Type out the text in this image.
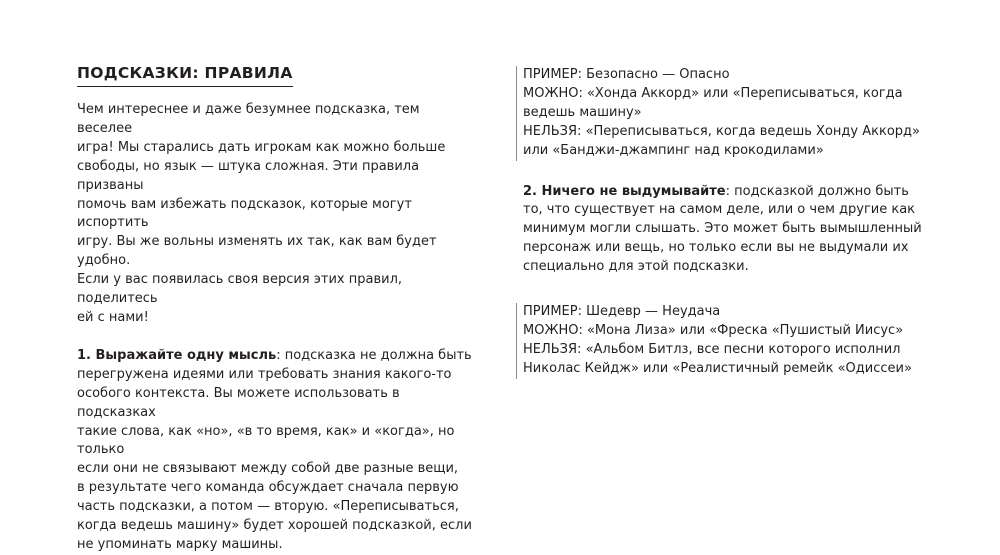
ПОДСКАЗКИ: ПРАВИЛА

Чем интереснее и даже безумнее подсказка, тем веселее
игра! Мы старались дать игрокам как можно больше
свободы, но язык — штука сложная. Эти правила призваны
помочь вам избежать подсказок, которые могут испортить
игру. Вы же вольны изменять их так, как вам будет удобно.
Если у вас появилась своя версия этих правил, поделитесь
ей с нами!

1. Выражайте одну мысль: подсказка не должна быть
перегружена идеями или требовать знания какого-то
особого контекста. Вы можете использовать в подсказках
такие слова, как «но», «в то время, как» и «когда», но только
если они не связывают между собой две разные вещи,
в результате чего команда обсуждает сначала первую
часть подсказки, а потом — вторую. «Переписываться,
когда ведешь машину» будет хорошей подсказкой, если
не упоминать марку машины.

ПРИМЕР: Безопасно — Опасно
МОЖНО: «Хонда Аккорд» или «Переписываться, когда
ведешь машину»
НЕЛЬЗЯ: «Переписываться, когда ведешь Хонду Аккорд»
или «Банджи-джампинг над крокодилами»

2. Ничего не выдумывайте: подсказкой должно быть
то, что существует на самом деле, или о чем другие как
минимум могли слышать. Это может быть вымышленный
персонаж или вещь, но только если вы не выдумали их
специально для этой подсказки.

ПРИМЕР: Шедевр — Неудача
МОЖНО: «Мона Лиза» или «Фреска «Пушистый Иисус»
НЕЛЬЗЯ: «Альбом Битлз, все песни которого исполнил
Николас Кейдж» или «Реалистичный ремейк «Одиссеи»
